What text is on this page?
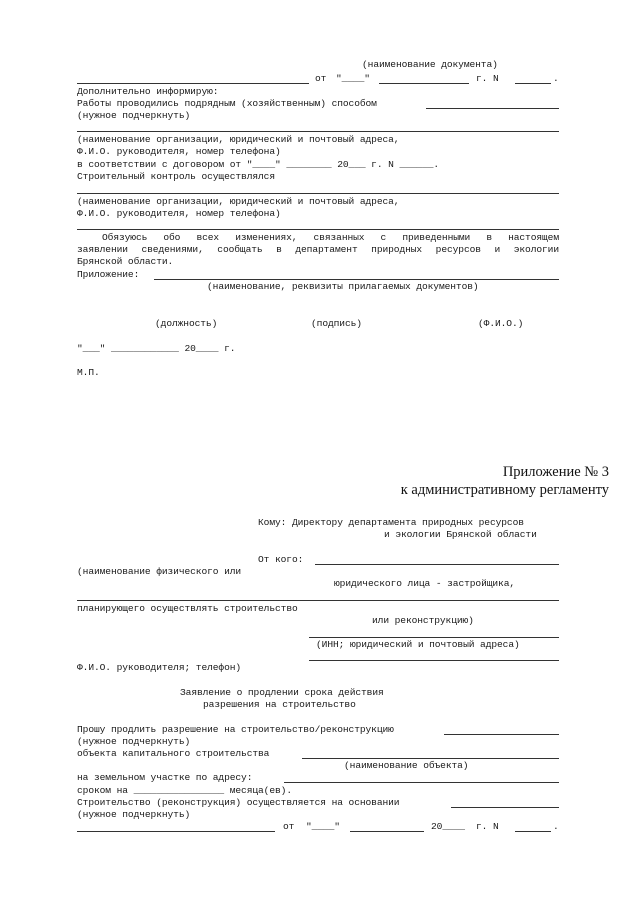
(наименование документа)
от "____"	г. N	.
Дополнительно информирую:
Работы проводились подрядным (хозяйственным) способом
(нужное подчеркнуть)
(наименование организации, юридический и почтовый адреса,
Ф.И.О. руководителя, номер телефона)
в соответствии с договором от "____" ________ 20___ г. N ______.
Строительный контроль осуществлялся
(наименование организации, юридический и почтовый адреса,
Ф.И.О. руководителя, номер телефона)
Обязуюсь обо всех изменениях, связанных с приведенными в настоящем
заявлении сведениями, сообщать в департамент природных ресурсов и экологии
Брянской области.
Приложение:
(наименование, реквизиты прилагаемых документов)
(должность)	(подпись)	(Ф.И.О.)
"___" ____________ 20____ г.
М.П.
Приложение № 3
к административному регламенту
Кому: Директору департамента природных ресурсов
и экологии Брянской области
От кого:
(наименование физического или
юридического лица - застройщика,
планирующего осуществлять строительство
или реконструкцию)
(ИНН; юридический и почтовый адреса)
Ф.И.О. руководителя; телефон)
Заявление о продлении срока действия
разрешения на строительство
Прошу продлить разрешение на строительство/реконструкцию
(нужное подчеркнуть)
объекта капитального строительства
(наименование объекта)
на земельном участке по адресу:
сроком на ________________ месяца(ев).
Строительство (реконструкция) осуществляется на основании
(нужное подчеркнуть)
от "____"	20____ г. N	.
